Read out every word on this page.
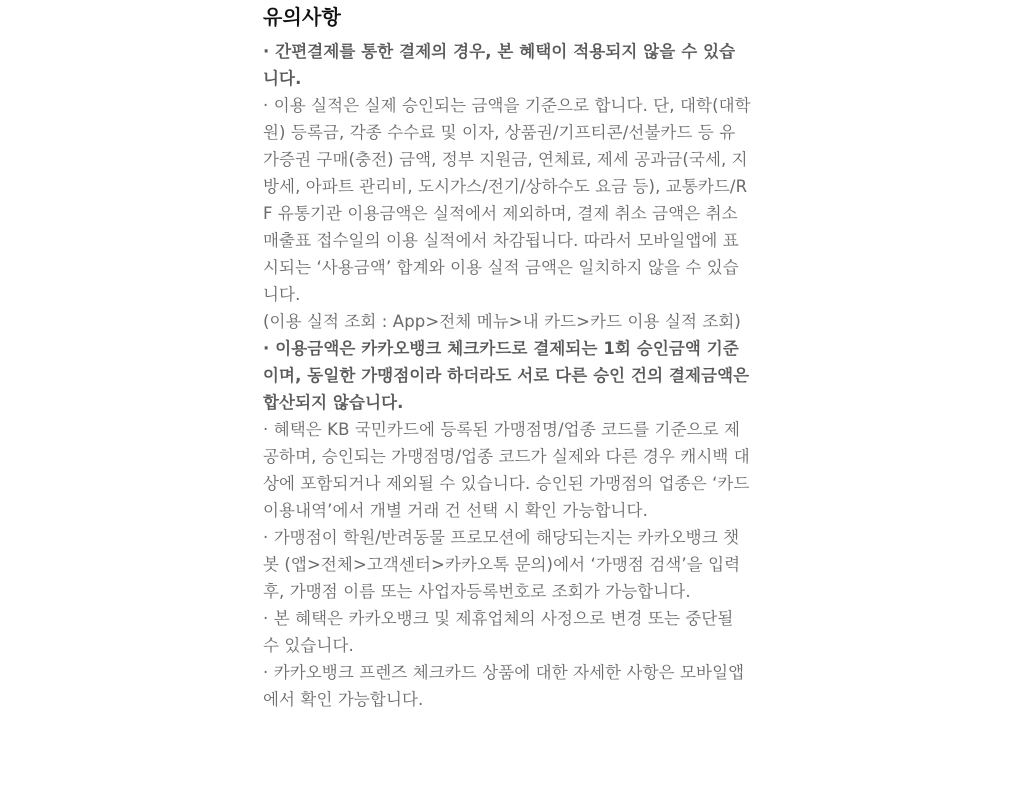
유의사항

· 간편결제를 통한 결제의 경우, 본 혜택이 적용되지 않을 수 있습니다.

· 이용 실적은 실제 승인되는 금액을 기준으로 합니다. 단, 대학(대학원) 등록금, 각종 수수료 및 이자, 상품권/기프티콘/선불카드 등 유가증권 구매(충전) 금액, 정부 지원금, 연체료, 제세 공과금(국세, 지방세, 아파트 관리비, 도시가스/전기/상하수도 요금 등), 교통카드/RF 유통기관 이용금액은 실적에서 제외하며, 결제 취소 금액은 취소매출표 접수일의 이용 실적에서 차감됩니다. 따라서 모바일앱에 표시되는 ‘사용금액’ 합계와 이용 실적 금액은 일치하지 않을 수 있습니다.

(이용 실적 조회 : App>전체 메뉴>내 카드>카드 이용 실적 조회)

· 이용금액은 카카오뱅크 체크카드로 결제되는 1회 승인금액 기준이며, 동일한 가맹점이라 하더라도 서로 다른 승인 건의 결제금액은 합산되지 않습니다.

· 혜택은 KB 국민카드에 등록된 가맹점명/업종 코드를 기준으로 제공하며, 승인되는 가맹점명/업종 코드가 실제와 다른 경우 캐시백 대상에 포함되거나 제외될 수 있습니다. 승인된 가맹점의 업종은 ‘카드 이용내역’에서 개별 거래 건 선택 시 확인 가능합니다.

· 가맹점이 학원/반려동물 프로모션에 해당되는지는 카카오뱅크 챗봇 (앱>전체>고객센터>카카오톡 문의)에서 ‘가맹점 검색’을 입력 후, 가맹점 이름 또는 사업자등록번호로 조회가 가능합니다.

· 본 혜택은 카카오뱅크 및 제휴업체의 사정으로 변경 또는 중단될 수 있습니다.

· 카카오뱅크 프렌즈 체크카드 상품에 대한 자세한 사항은 모바일앱에서 확인 가능합니다.
